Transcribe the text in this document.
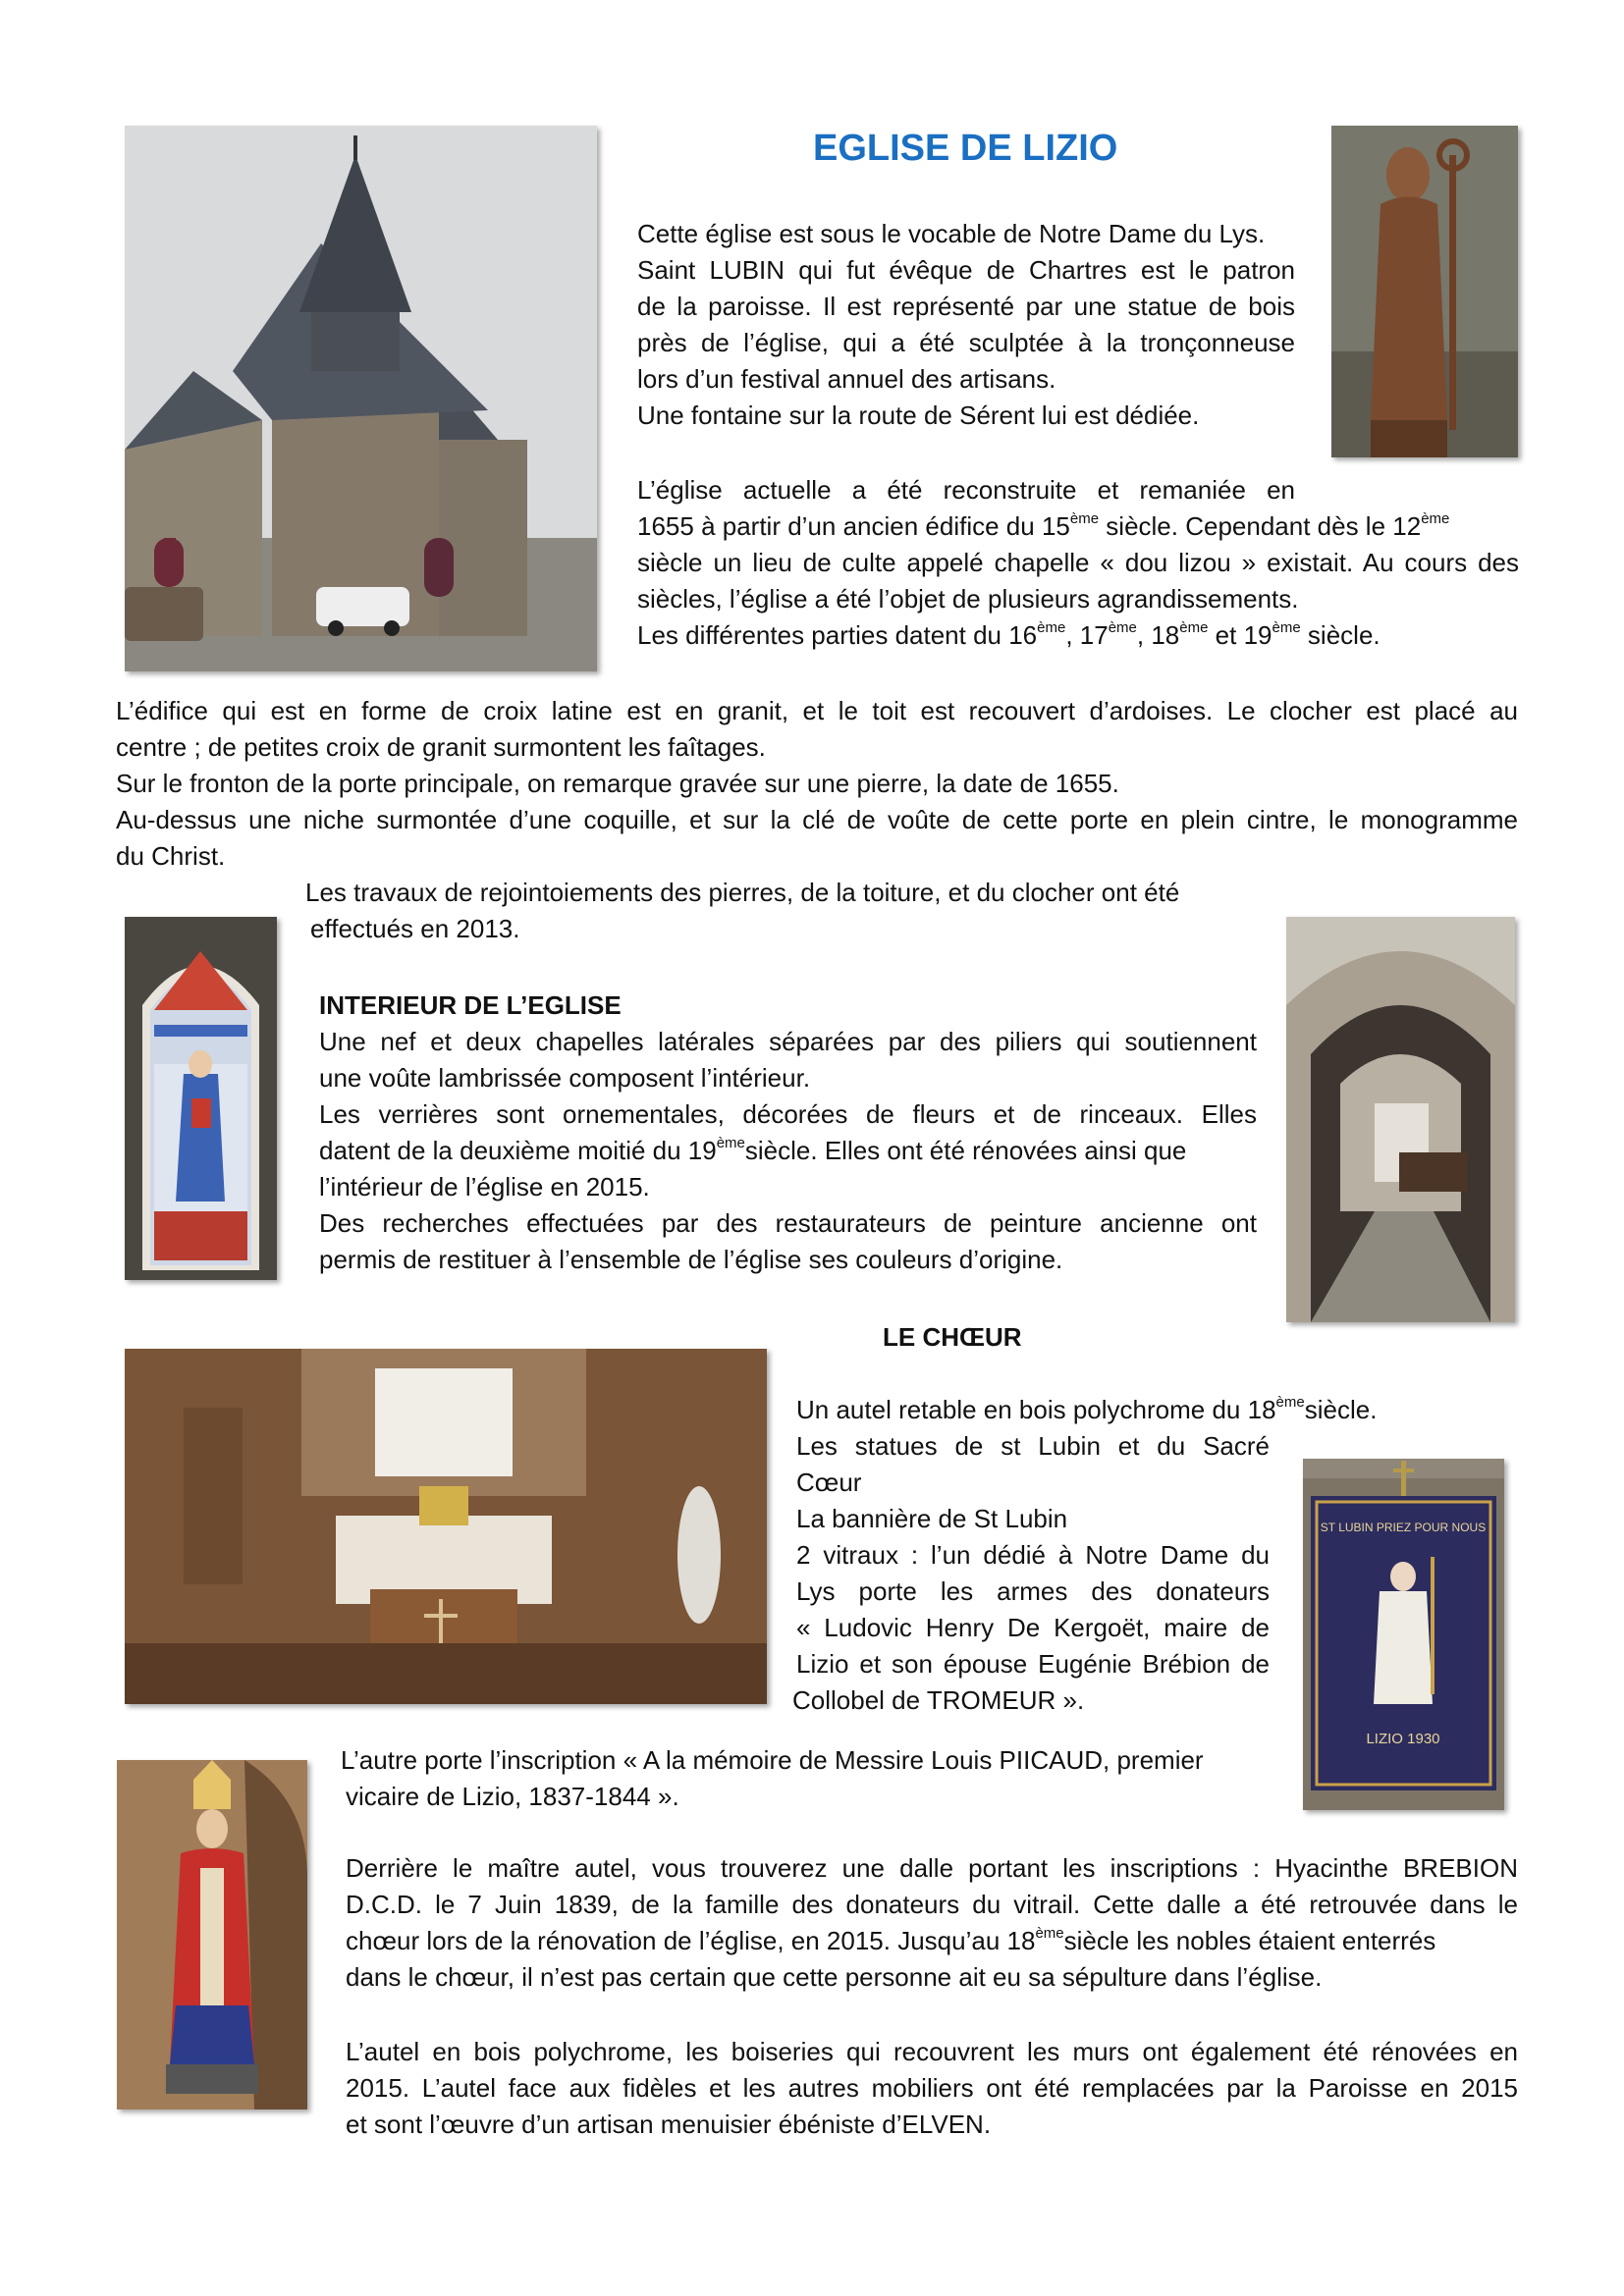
EGLISE DE LIZIO
Cette église est sous le vocable de Notre Dame du Lys.
Saint LUBIN qui fut évêque de Chartres est le patron
de la paroisse. Il est représenté par une statue de bois
près de l’église, qui a été sculptée à la tronçonneuse
lors d’un festival annuel des artisans.
Une fontaine sur la route de Sérent lui est dédiée.
L’église actuelle a été reconstruite et remaniée en
1655 à partir d’un ancien édifice du 15ème siècle. Cependant dès le 12ème
siècle un lieu de culte appelé chapelle « dou lizou » existait. Au cours des
siècles, l’église a été l’objet de plusieurs agrandissements.
Les différentes parties datent du 16ème, 17ème, 18ème et 19ème siècle.
L’édifice qui est en forme de croix latine est en granit, et le toit est recouvert d’ardoises. Le clocher est placé au
centre ; de petites croix de granit surmontent les faîtages.
Sur le fronton de la porte principale, on remarque gravée sur une pierre, la date de 1655.
Au-dessus une niche surmontée d’une coquille, et sur la clé de voûte de cette porte en plein cintre, le monogramme
du Christ.
Les travaux de rejointoiements des pierres, de la toiture, et du clocher ont été
effectués en 2013.
INTERIEUR DE L’EGLISE
Une nef et deux chapelles latérales séparées par des piliers qui soutiennent
une voûte lambrissée composent l’intérieur.
Les verrières sont ornementales, décorées de fleurs et de rinceaux. Elles
datent de la deuxième moitié du 19èmesiècle. Elles ont été rénovées ainsi que
l’intérieur de l’église en 2015.
Des recherches effectuées par des restaurateurs de peinture ancienne ont
permis de restituer à l’ensemble de l’église ses couleurs d’origine.
LE CHŒUR
Un autel retable en bois polychrome du 18èmesiècle.
Les statues de st Lubin et du Sacré
Cœur
La bannière de St Lubin
2 vitraux : l’un dédié à Notre Dame du
Lys porte les armes des donateurs
« Ludovic Henry De Kergoët, maire de
Lizio et son épouse Eugénie Brébion de
Collobel de TROMEUR ».
ST LUBIN PRIEZ POUR NOUS
LIZIO 1930
L’autre porte l’inscription « A la mémoire de Messire Louis PIICAUD, premier
vicaire de Lizio, 1837-1844 ».
Derrière le maître autel, vous trouverez une dalle portant les inscriptions : Hyacinthe BREBION
D.C.D. le 7 Juin 1839, de la famille des donateurs du vitrail. Cette dalle a été retrouvée dans le
chœur lors de la rénovation de l’église, en 2015. Jusqu’au 18èmesiècle les nobles étaient enterrés
dans le chœur, il n’est pas certain que cette personne ait eu sa sépulture dans l’église.
L’autel en bois polychrome, les boiseries qui recouvrent les murs ont également été rénovées en
2015. L’autel face aux fidèles et les autres mobiliers ont été remplacées par la Paroisse en 2015
et sont l’œuvre d’un artisan menuisier ébéniste d’ELVEN.
